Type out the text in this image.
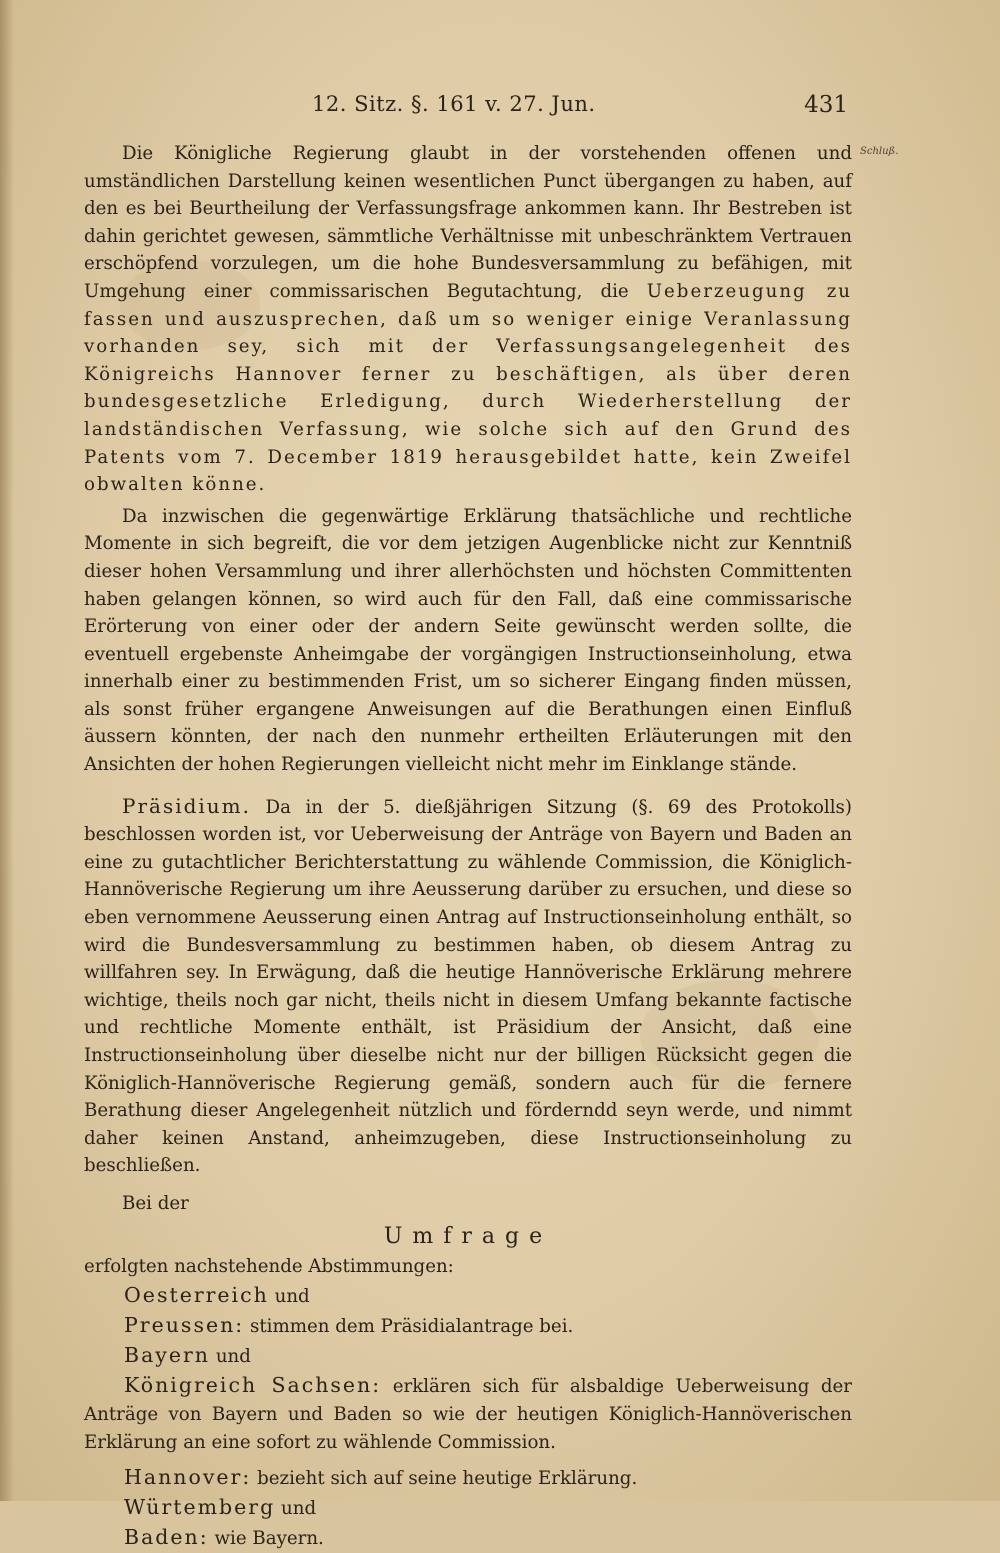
12. Sitz. §. 161 v. 27. Jun.	431
Schluß.

Die Königliche Regierung glaubt in der vorstehenden offenen und umständlichen Darstellung keinen wesentlichen Punct übergangen zu haben, auf den es bei Beurtheilung der Verfassungsfrage ankommen kann. Ihr Bestreben ist dahin gerichtet gewesen, sämmtliche Verhältnisse mit unbeschränktem Vertrauen erschöpfend vorzulegen, um die hohe Bundesversammlung zu befähigen, mit Umgehung einer commissarischen Begutachtung, die Ueberzeugung zu fassen und auszusprechen, daß um so weniger einige Veranlassung vorhanden sey, sich mit der Verfassungsangelegenheit des Königreichs Hannover ferner zu beschäftigen, als über deren bundesgesetzliche Erledigung, durch Wiederherstellung der landständischen Verfassung, wie solche sich auf den Grund des Patents vom 7. December 1819 herausgebildet hatte, kein Zweifel obwalten könne.

Da inzwischen die gegenwärtige Erklärung thatsächliche und rechtliche Momente in sich begreift, die vor dem jetzigen Augenblicke nicht zur Kenntniß dieser hohen Versammlung und ihrer allerhöchsten und höchsten Committenten haben gelangen können, so wird auch für den Fall, daß eine commissarische Erörterung von einer oder der andern Seite gewünscht werden sollte, die eventuell ergebenste Anheimgabe der vorgängigen Instructionseinholung, etwa innerhalb einer zu bestimmenden Frist, um so sicherer Eingang finden müssen, als sonst früher ergangene Anweisungen auf die Berathungen einen Einfluß äussern könnten, der nach den nunmehr ertheilten Erläuterungen mit den Ansichten der hohen Regierungen vielleicht nicht mehr im Einklange stände.

Präsidium. Da in der 5. dießjährigen Sitzung (§. 69 des Protokolls) beschlossen worden ist, vor Ueberweisung der Anträge von Bayern und Baden an eine zu gutachtlicher Berichterstattung zu wählende Commission, die Königlich-Hannöverische Regierung um ihre Aeusserung darüber zu ersuchen, und diese so eben vernommene Aeusserung einen Antrag auf Instructionseinholung enthält, so wird die Bundesversammlung zu bestimmen haben, ob diesem Antrag zu willfahren sey. In Erwägung, daß die heutige Hannöverische Erklärung mehrere wichtige, theils noch gar nicht, theils nicht in diesem Umfang bekannte factische und rechtliche Momente enthält, ist Präsidium der Ansicht, daß eine Instructionseinholung über dieselbe nicht nur der billigen Rücksicht gegen die Königlich-Hannöverische Regierung gemäß, sondern auch für die fernere Berathung dieser Angelegenheit nützlich und förderndd seyn werde, und nimmt daher keinen Anstand, anheimzugeben, diese Instructionseinholung zu beschließen.

Bei der

Umfrage

erfolgten nachstehende Abstimmungen:

Oesterreich und

Preussen: stimmen dem Präsidialantrage bei.

Bayern und

Königreich Sachsen: erklären sich für alsbaldige Ueberweisung der Anträge von Bayern und Baden so wie der heutigen Königlich-Hannöverischen Erklärung an eine sofort zu wählende Commission.

Hannover: bezieht sich auf seine heutige Erklärung.

Würtemberg und

Baden: wie Bayern.
